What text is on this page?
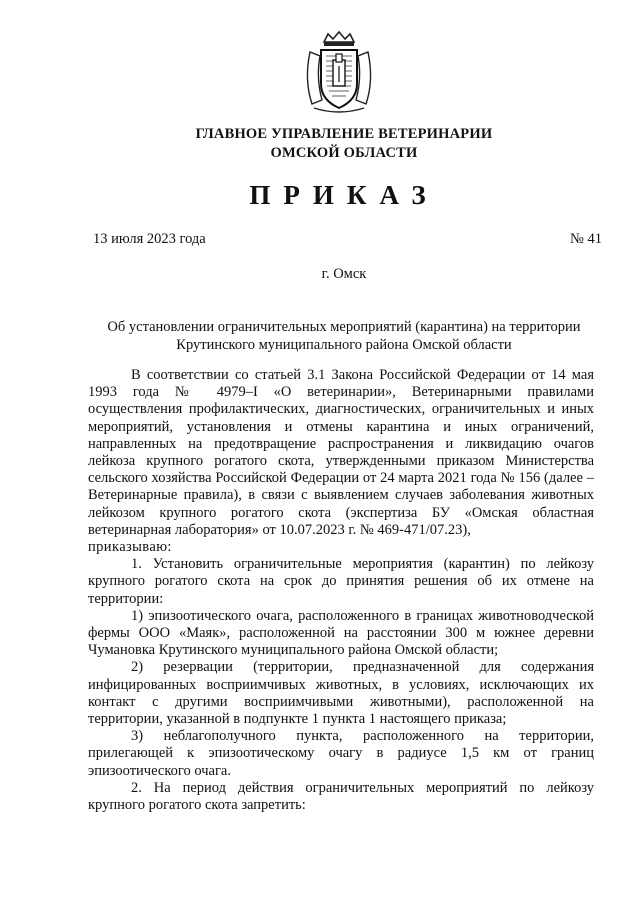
ГЛАВНОЕ УПРАВЛЕНИЕ ВЕТЕРИНАРИИ
ОМСКОЙ ОБЛАСТИ
ПРИКАЗ
13 июля 2023 года	№ 41
г. Омск
Об установлении ограничительных мероприятий (карантина) на территории
Крутинского муниципального района Омской области

В соответствии со статьей 3.1 Закона Российской Федерации от 14 мая 1993 года № 4979–I «О ветеринарии», Ветеринарными правилами осуществления профилактических, диагностических, ограничительных и иных мероприятий, установления и отмены карантина и иных ограничений, направленных на предотвращение распространения и ликвидацию очагов лейкоза крупного рогатого скота, утвержденными приказом Министерства сельского хозяйства Российской Федерации от 24 марта 2021 года № 156 (далее – Ветеринарные правила), в связи с выявлением случаев заболевания животных лейкозом крупного рогатого скота (экспертиза БУ «Омская областная ветеринарная лаборатория» от 10.07.2023 г. № 469-471/07.23),

приказываю:

1. Установить ограничительные мероприятия (карантин) по лейкозу крупного рогатого скота на срок до принятия решения об их отмене на территории:

1) эпизоотического очага, расположенного в границах животноводческой фермы ООО «Маяк», расположенной на расстоянии 300 м южнее деревни Чумановка Крутинского муниципального района Омской области;

2) резервации (территории, предназначенной для содержания инфицированных восприимчивых животных, в условиях, исключающих их контакт с другими восприимчивыми животными), расположенной на территории, указанной в подпункте 1 пункта 1 настоящего приказа;

3) неблагополучного пункта, расположенного на территории, прилегающей к эпизоотическому очагу в радиусе 1,5 км от границ эпизоотического очага.

2. На период действия ограничительных мероприятий по лейкозу крупного рогатого скота запретить:
